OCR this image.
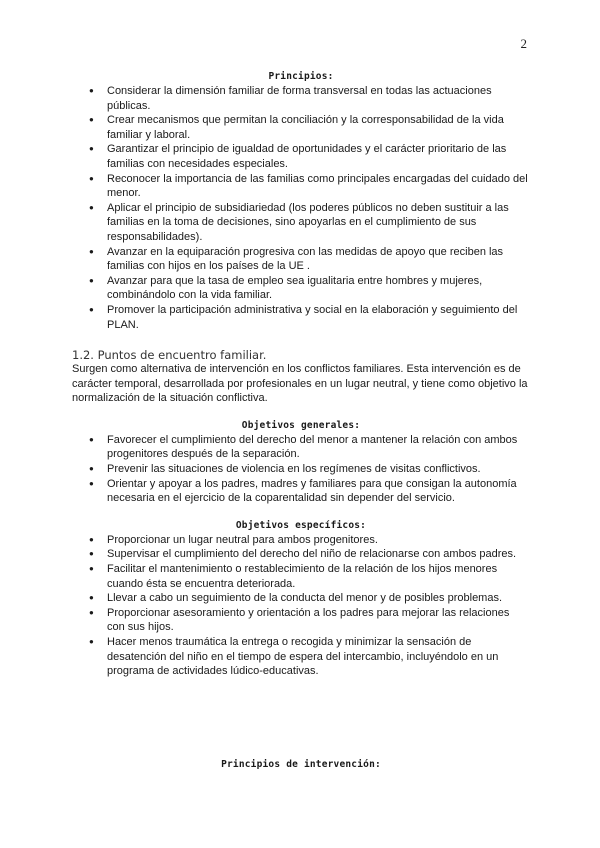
2

Principios:

● Considerar la dimensión familiar de forma transversal en todas las actuaciones públicas.
● Crear mecanismos que permitan la conciliación y la corresponsabilidad de la vida familiar y laboral.
● Garantizar el principio de igualdad de oportunidades y el carácter prioritario de las familias con necesidades especiales.
● Reconocer la importancia de las familias como principales encargadas del cuidado del menor.
● Aplicar el principio de subsidiariedad (los poderes públicos no deben sustituir a las familias en la toma de decisiones, sino apoyarlas en el cumplimiento de sus responsabilidades).
● Avanzar en la equiparación progresiva con las medidas de apoyo que reciben las familias con hijos en los países de la UE .
● Avanzar para que la tasa de empleo sea igualitaria entre hombres y mujeres, combinándolo con la vida familiar.
● Promover la participación administrativa y social en la elaboración y seguimiento del PLAN.

1.2. Puntos de encuentro familiar.

Surgen como alternativa de intervención en los conflictos familiares. Esta intervención es de carácter temporal, desarrollada por profesionales en un lugar neutral, y tiene como objetivo la normalización de la situación conflictiva.

Objetivos generales:

● Favorecer el cumplimiento del derecho del menor a mantener la relación con ambos progenitores después de la separación.
● Prevenir las situaciones de violencia en los regímenes de visitas conflictivos.
● Orientar y apoyar a los padres, madres y familiares para que consigan la autonomía necesaria en el ejercicio de la coparentalidad sin depender del servicio.

Objetivos específicos:

● Proporcionar un lugar neutral para ambos progenitores.
● Supervisar el cumplimiento del derecho del niño de relacionarse con ambos padres.
● Facilitar el mantenimiento o restablecimiento de la relación de los hijos menores cuando ésta se encuentra deteriorada.
● Llevar a cabo un seguimiento de la conducta del menor y de posibles problemas.
● Proporcionar asesoramiento y orientación a los padres para mejorar las relaciones con sus hijos.
● Hacer menos traumática la entrega o recogida y minimizar la sensación de desatención del niño en el tiempo de espera del intercambio, incluyéndolo en un programa de actividades lúdico-educativas.

Principios de intervención:
